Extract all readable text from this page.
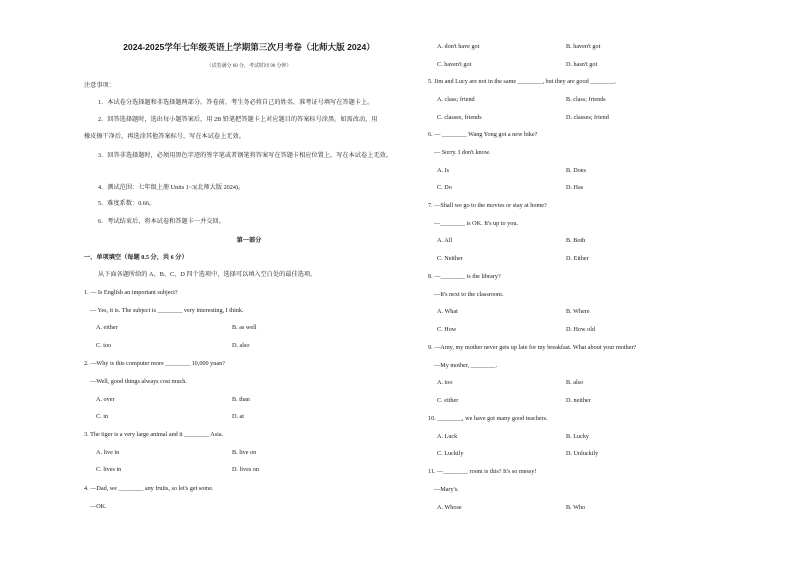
2024-2025学年七年级英语上学期第三次月考卷（北师大版 2024）
（试卷满分 60 分，考试时间 90 分钟）
注意事项：
1．本试卷分选择题和非选择题两部分。答卷前，考生务必将自己的姓名、准考证号填写在答题卡上。
2．回答选择题时，选出每小题答案后，用 2B 铅笔把答题卡上对应题目的答案标号涂黑。如需改动，用
橡皮擦干净后，再选涂其他答案标号，写在本试卷上无效。
3．回答非选择题时，必须用黑色字迹的签字笔或者钢笔将答案写在答题卡相应位置上，写在本试卷上无效。
4．测试范围：七年级上册 Units 1~3(北师大版 2024)。
5．难度系数：0.66。
6．考试结束后，将本试卷和答题卡一并交回。
第一部分
一、单项填空（每题 0.5 分，共 6 分）
从下面各题所给的 A、B、C、D 四个选项中，选择可以填入空白处的最佳选项。
1. — Is English an important subject?
— Yes, it is. The subject is ________ very interesting, I think.
A. either	B. as well
C. too	D. also
2. —Why is this computer more ________ 10,000 yuan?
—Well, good things always cost much.
A. over	B. than
C. in	D. at
3. The tiger is a very large animal and it ________ Asia.
A. live in	B. live on
C. lives in	D. lives on
4. —Dad, we ________ any fruits, so let's get some.
—OK.
A. don't have got	B. haven't got
C. haven't got	D. hasn't got
5. Jim and Lucy are not in the same ________, but they are good ________.
A. class; friend	B. class; friends
C. classes, friends	D. classes; friend
6. — ________ Wang Yong got a new bike?
— Sorry. I don't know.
A. Is	B. Does
C. Do	D. Has
7. —Shall we go to the movies or stay at home?
—________ is OK. It's up to you.
A. All	B. Both
C. Neither	D. Either
8. —________ is the library?
—It's next to the classroom.
A. What	B. Where
C. How	D. How old
9. —Amy, my mother never gets up late for my breakfast. What about your mother?
—My mother, ________.
A. too	B. also
C. either	D. neither
10. ________, we have got many good teachers.
A. Luck	B. Lucky
C. Luckily	D. Unluckily
11. —________ room is this? It's so messy!
—Mary's.
A. Whose	B. Who
